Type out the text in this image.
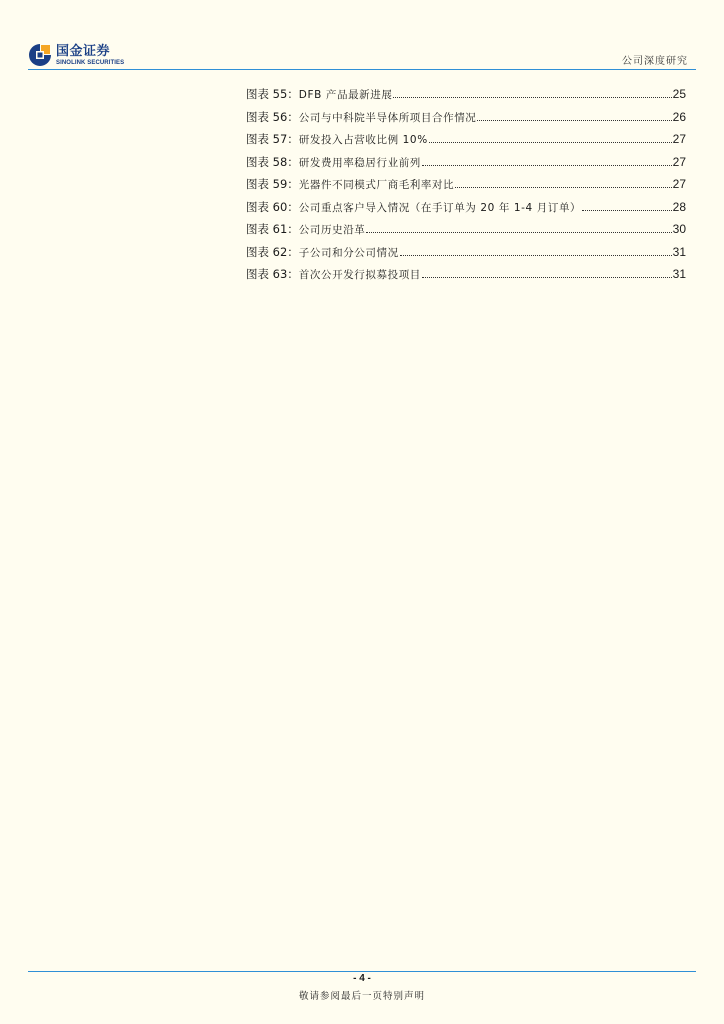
国金证券
SINOLINK SECURITIES	公司深度研究
图表 55： DFB 产品最新进展	25
图表 56： 公司与中科院半导体所项目合作情况	26
图表 57： 研发投入占营收比例 10%	27
图表 58： 研发费用率稳居行业前列	27
图表 59： 光器件不同模式厂商毛利率对比	27
图表 60： 公司重点客户导入情况（在手订单为 20 年 1-4 月订单）	28
图表 61： 公司历史沿革	30
图表 62： 子公司和分公司情况	31
图表 63： 首次公开发行拟募投项目	31
- 4 -
敬请参阅最后一页特别声明
